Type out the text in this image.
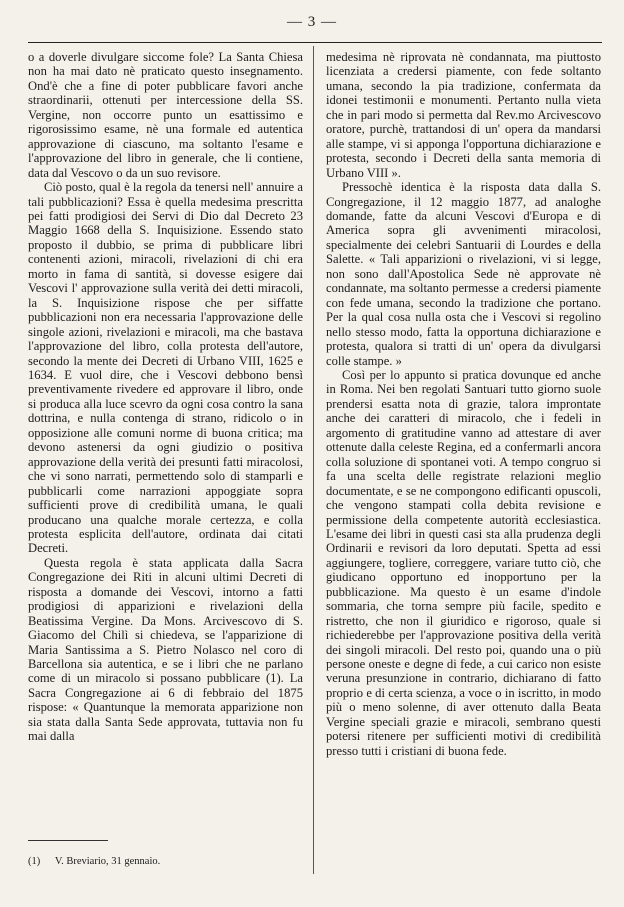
— 3 —

o a doverle divulgare siccome fole? La Santa Chiesa non ha mai dato nè praticato questo insegnamento. Ond'è che a fine di poter pubblicare favori anche straordinarii, ottenuti per intercessione della SS. Vergine, non occorre punto un esattissimo e rigorosissimo esame, nè una formale ed autentica approvazione di ciascuno, ma soltanto l'esame e l'approvazione del libro in generale, che li contiene, data dal Vescovo o da un suo revisore.

Ciò posto, qual è la regola da tenersi nell' annuire a tali pubblicazioni? Essa è quella medesima prescritta pei fatti prodigiosi dei Servi di Dio dal Decreto 23 Maggio 1668 della S. Inquisizione. Essendo stato proposto il dubbio, se prima di pubblicare libri contenenti azioni, miracoli, rivelazioni di chi era morto in fama di santità, si dovesse esigere dai Vescovi l' approvazione sulla verità dei detti miracoli, la S. Inquisizione rispose che per siffatte pubblicazioni non era necessaria l'approvazione delle singole azioni, rivelazioni e miracoli, ma che bastava l'approvazione del libro, colla protesta dell'autore, secondo la mente dei Decreti di Urbano VIII, 1625 e 1634. E vuol dire, che i Vescovi debbono bensì preventivamente rivedere ed approvare il libro, onde si produca alla luce scevro da ogni cosa contro la sana dottrina, e nulla contenga di strano, ridicolo o in opposizione alle comuni norme di buona critica; ma devono astenersi da ogni giudizio o positiva approvazione della verità dei presunti fatti miracolosi, che vi sono narrati, permettendo solo di stamparli e pubblicarli come narrazioni appoggiate sopra sufficienti prove di credibilità umana, le quali producano una qualche morale certezza, e colla protesta esplicita dell'autore, ordinata dai citati Decreti.

Questa regola è stata applicata dalla Sacra Congregazione dei Riti in alcuni ultimi Decreti di risposta a domande dei Vescovi, intorno a fatti prodigiosi di apparizioni e rivelazioni della Beatissima Vergine. Da Mons. Arcivescovo di S. Giacomo del Chilì si chiedeva, se l'apparizione di Maria Santissima a S. Pietro Nolasco nel coro di Barcellona sia autentica, e se i libri che ne parlano come di un miracolo si possano pubblicare (1). La Sacra Congregazione ai 6 di febbraio del 1875 rispose: « Quantunque la memorata apparizione non sia stata dalla Santa Sede approvata, tuttavia non fu mai dalla

medesima nè riprovata nè condannata, ma piuttosto licenziata a credersi piamente, con fede soltanto umana, secondo la pia tradizione, confermata da idonei testimonii e monumenti. Pertanto nulla vieta che in pari modo si permetta dal Rev.mo Arcivescovo oratore, purchè, trattandosi di un' opera da mandarsi alle stampe, vi si apponga l'opportuna dichiarazione e protesta, secondo i Decreti della santa memoria di Urbano VIII ».

Pressochè identica è la risposta data dalla S. Congregazione, il 12 maggio 1877, ad analoghe domande, fatte da alcuni Vescovi d'Europa e di America sopra gli avvenimenti miracolosi, specialmente dei celebri Santuarii di Lourdes e della Salette. « Tali apparizioni o rivelazioni, vi si legge, non sono dall'Apostolica Sede nè approvate nè condannate, ma soltanto permesse a credersi piamente con fede umana, secondo la tradizione che portano. Per la qual cosa nulla osta che i Vescovi si regolino nello stesso modo, fatta la opportuna dichiarazione e protesta, qualora si tratti di un' opera da divulgarsi colle stampe. »

Così per lo appunto si pratica dovunque ed anche in Roma. Nei ben regolati Santuari tutto giorno suole prendersi esatta nota di grazie, talora improntate anche dei caratteri di miracolo, che i fedeli in argomento di gratitudine vanno ad attestare di aver ottenute dalla celeste Regina, ed a confermarli ancora colla soluzione di spontanei voti. A tempo congruo si fa una scelta delle registrate relazioni meglio documentate, e se ne compongono edificanti opuscoli, che vengono stampati colla debita revisione e permissione della competente autorità ecclesiastica. L'esame dei libri in questi casi sta alla prudenza degli Ordinarii e revisori da loro deputati. Spetta ad essi aggiungere, togliere, correggere, variare tutto ciò, che giudicano opportuno ed inopportuno per la pubblicazione. Ma questo è un esame d'indole sommaria, che torna sempre più facile, spedito e ristretto, che non il giuridico e rigoroso, quale si richiederebbe per l'approvazione positiva della verità dei singoli miracoli. Del resto poi, quando una o più persone oneste e degne di fede, a cui carico non esiste veruna presunzione in contrario, dichiarano di fatto proprio e di certa scienza, a voce o in iscritto, in modo più o meno solenne, di aver ottenuto dalla Beata Vergine speciali grazie e miracoli, sembrano questi potersi ritenere per sufficienti motivi di credibilità presso tutti i cristiani di buona fede.

(1) V. Breviario, 31 gennaio.
